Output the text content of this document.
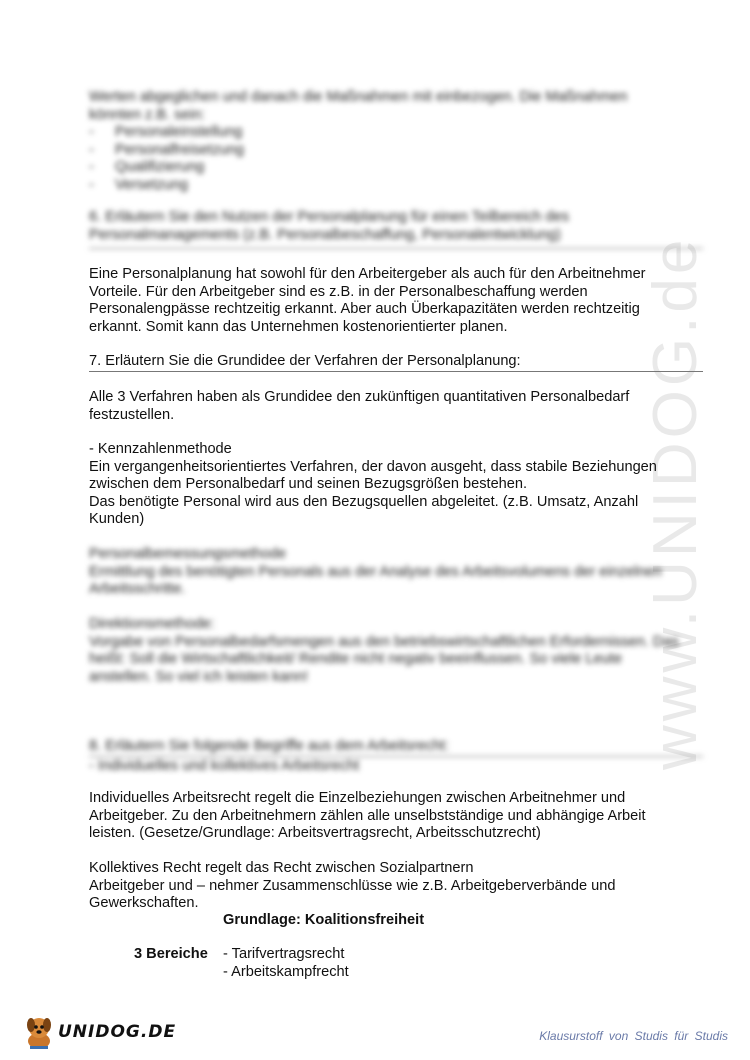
www.UNIDOG.de
Werten abgeglichen und danach die Maßnahmen mit einbezogen. Die Maßnahmen
könnten z.B. sein:
- Personaleinstellung
- Personalfreisetzung
- Qualifizierung
- Versetzung
6. Erläutern Sie den Nutzen der Personalplanung für einen Teilbereich des
Personalmanagements (z.B. Personalbeschaffung, Personalentwicklung)
Eine Personalplanung hat sowohl für den Arbeitergeber als auch für den Arbeitnehmer
Vorteile. Für den Arbeitgeber sind es z.B. in der Personalbeschaffung werden
Personalengpässe rechtzeitig erkannt. Aber auch Überkapazitäten werden rechtzeitig
erkannt. Somit kann das Unternehmen kostenorientierter planen.
7. Erläutern Sie die Grundidee der Verfahren der Personalplanung:
Alle 3 Verfahren haben als Grundidee den zukünftigen quantitativen Personalbedarf
festzustellen.
- Kennzahlenmethode
Ein vergangenheitsorientiertes Verfahren, der davon ausgeht, dass stabile Beziehungen
zwischen dem Personalbedarf und seinen Bezugsgrößen bestehen.
Das benötigte Personal wird aus den Bezugsquellen abgeleitet. (z.B. Umsatz, Anzahl
Kunden)
Personalbemessungsmethode
Ermittlung des benötigten Personals aus der Analyse des Arbeitsvolumens der einzelnen
Arbeitsschritte.
Direktionsmethode:
Vorgabe von Personalbedarfsmengen aus den betriebswirtschaftlichen Erfordernissen. Das
heißt: Soll die Wirtschaftlichkeit/ Rendite nicht negativ beeinflussen. So viele Leute
anstellen. So viel ich leisten kann!
8. Erläutern Sie folgende Begriffe aus dem Arbeitsrecht:
- Individuelles und kollektives Arbeitsrecht
Individuelles Arbeitsrecht regelt die Einzelbeziehungen zwischen Arbeitnehmer und
Arbeitgeber. Zu den Arbeitnehmern zählen alle unselbstständige und abhängige Arbeit
leisten. (Gesetze/Grundlage: Arbeitsvertragsrecht, Arbeitsschutzrecht)
Kollektives Recht regelt das Recht zwischen Sozialpartnern
Arbeitgeber und – nehmer Zusammenschlüsse wie z.B. Arbeitgeberverbände und
Gewerkschaften.
Grundlage: Koalitionsfreiheit
3 Bereiche - Tarifvertragsrecht
- Arbeitskampfrecht
UNIDOG.DE	Klausurstoff von Studis für Studis
